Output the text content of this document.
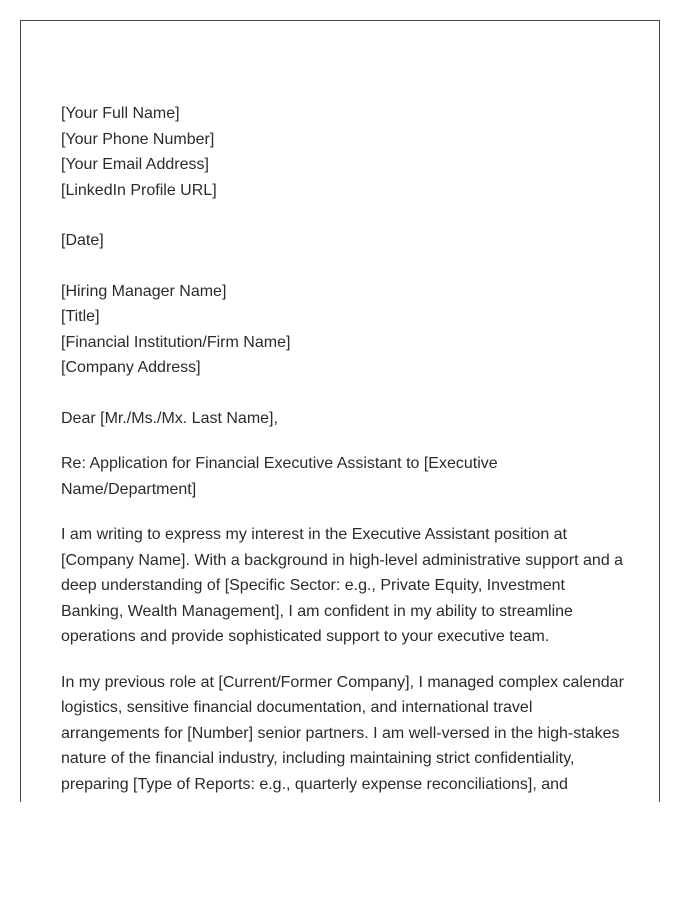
[Your Full Name]
[Your Phone Number]
[Your Email Address]
[LinkedIn Profile URL]
[Date]
[Hiring Manager Name]
[Title]
[Financial Institution/Firm Name]
[Company Address]

Dear [Mr./Ms./Mx. Last Name],

Re: Application for Financial Executive Assistant to [Executive Name/Department]

I am writing to express my interest in the Executive Assistant position at [Company Name]. With a background in high-level administrative support and a deep understanding of [Specific Sector: e.g., Private Equity, Investment Banking, Wealth Management], I am confident in my ability to streamline operations and provide sophisticated support to your executive team.

In my previous role at [Current/Former Company], I managed complex calendar logistics, sensitive financial documentation, and international travel arrangements for [Number] senior partners. I am well-versed in the high-stakes nature of the financial industry, including maintaining strict confidentiality, preparing [Type of Reports: e.g., quarterly expense reconciliations], and
